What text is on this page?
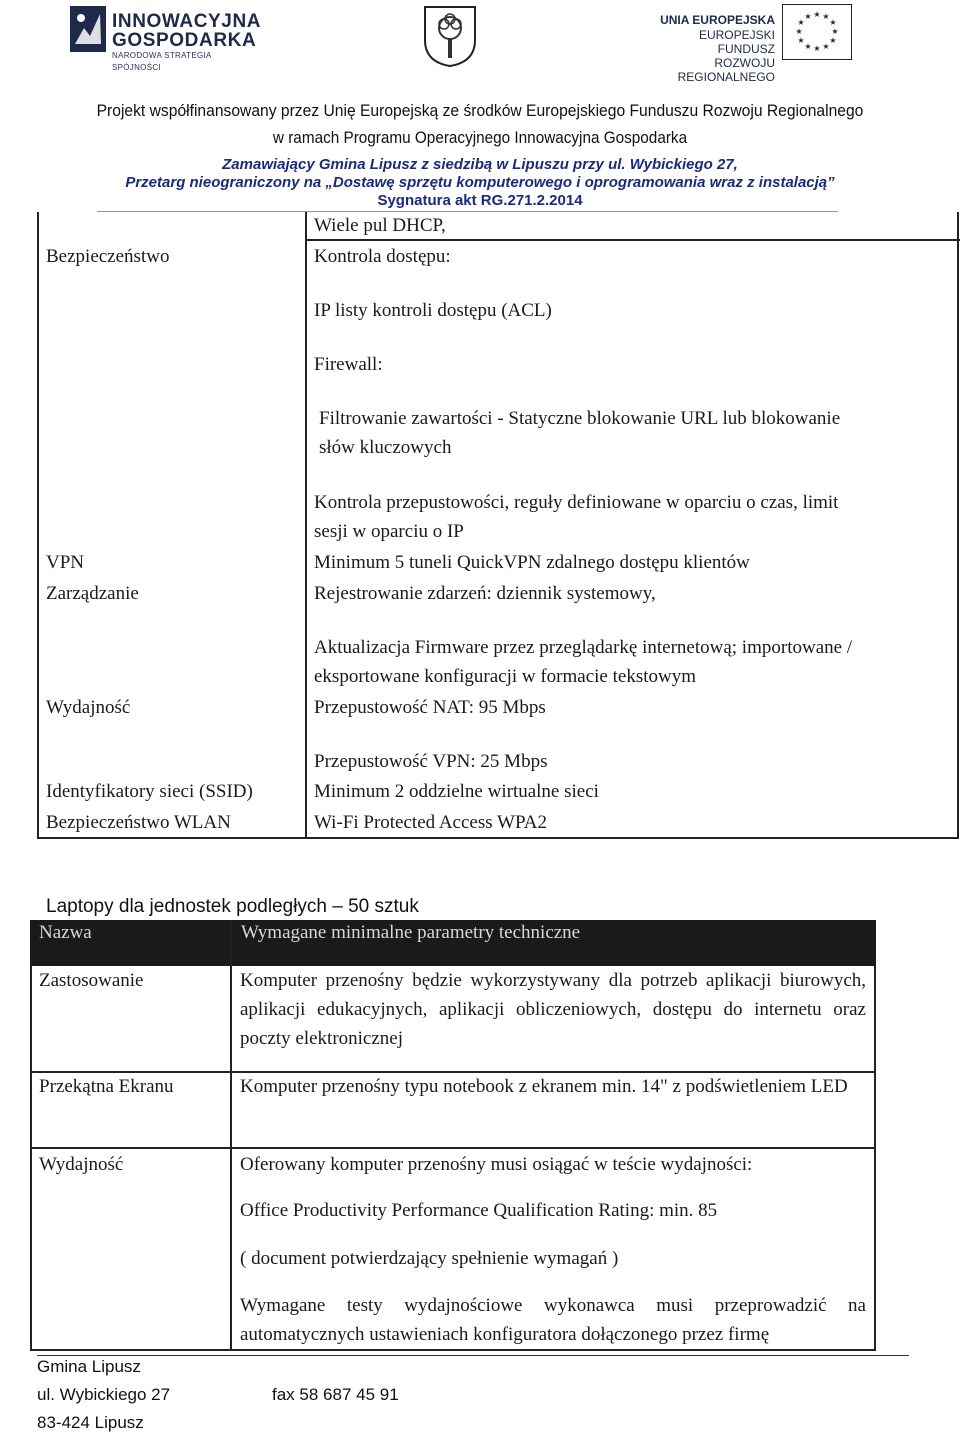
INNOWACYJNA
GOSPODARKA
NARODOWA STRATEGIA SPÓJNOŚCI
UNIA EUROPEJSKA
EUROPEJSKI FUNDUSZ
ROZWOJU REGIONALNEGO
★ ★
★
★
★
★
★
★
★
★
★
★
Projekt współfinansowany przez Unię Europejską ze środków Europejskiego Funduszu Rozwoju Regionalnego
w ramach Programu Operacyjnego Innowacyjna Gospodarka
Zamawiający Gmina Lipusz z siedzibą w Lipuszu przy ul. Wybickiego 27,
Przetarg nieograniczony na „Dostawę sprzętu komputerowego i oprogramowania wraz z instalacją”
Sygnatura akt RG.271.2.2014
Wiele pul DHCP,
Bezpieczeństwo	Kontrola dostępu:
IP listy kontroli dostępu (ACL)
Firewall:
Filtrowanie zawartości - Statyczne blokowanie URL lub blokowanie
słów kluczowych
Kontrola przepustowości, reguły definiowane w oparciu o czas, limit
sesji w oparciu o IP
VPN	Minimum 5 tuneli QuickVPN zdalnego dostępu klientów
Zarządzanie	Rejestrowanie zdarzeń: dziennik systemowy,
Aktualizacja Firmware przez przeglądarkę internetową; importowane /
eksportowane konfiguracji w formacie tekstowym
Wydajność	Przepustowość NAT: 95 Mbps
Przepustowość VPN: 25 Mbps
Identyfikatory sieci (SSID)	Minimum 2 oddzielne wirtualne sieci
Bezpieczeństwo WLAN	Wi-Fi Protected Access WPA2
Laptopy dla jednostek podległych – 50 sztuk
Nazwa	Wymagane minimalne parametry techniczne
Zastosowanie	Komputer przenośny będzie wykorzystywany dla potrzeb aplikacji biurowych, aplikacji edukacyjnych, aplikacji obliczeniowych, dostępu do internetu oraz poczty elektronicznej
Przekątna Ekranu	Komputer przenośny typu notebook z ekranem min. 14" z podświetleniem LED
Wydajność	Oferowany komputer przenośny musi osiągać w teście wydajności:
Office Productivity Performance Qualification Rating: min. 85
( document potwierdzający spełnienie wymagań )
Wymagane testy wydajnościowe wykonawca musi przeprowadzić na automatycznych ustawieniach konfiguratora dołączonego przez firmę
Gmina Lipusz
ul. Wybickiego 27	fax 58 687 45 91
83-424 Lipusz
